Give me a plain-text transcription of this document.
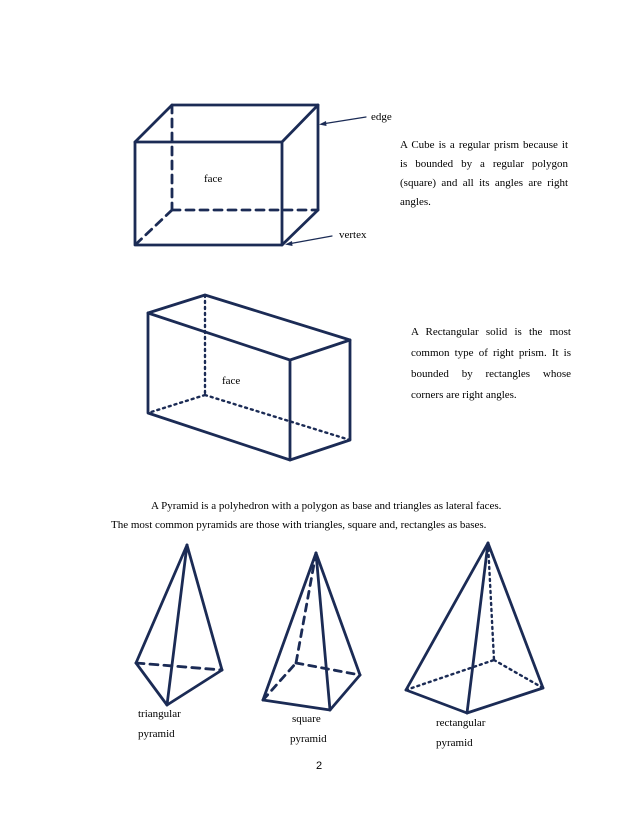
edge
face
vertex
A Cube is a regular prism because it is bounded by a regular polygon (square) and all its angles are right angles.
face
A Rectangular solid is the most common type of right prism. It is bounded by rectangles whose corners are right angles.
A Pyramid is a polyhedron with a polygon as base and triangles as lateral faces.
The most common pyramids are those with triangles, square and, rectangles as bases.
triangular
pyramid
square
pyramid
rectangular
pyramid
2
